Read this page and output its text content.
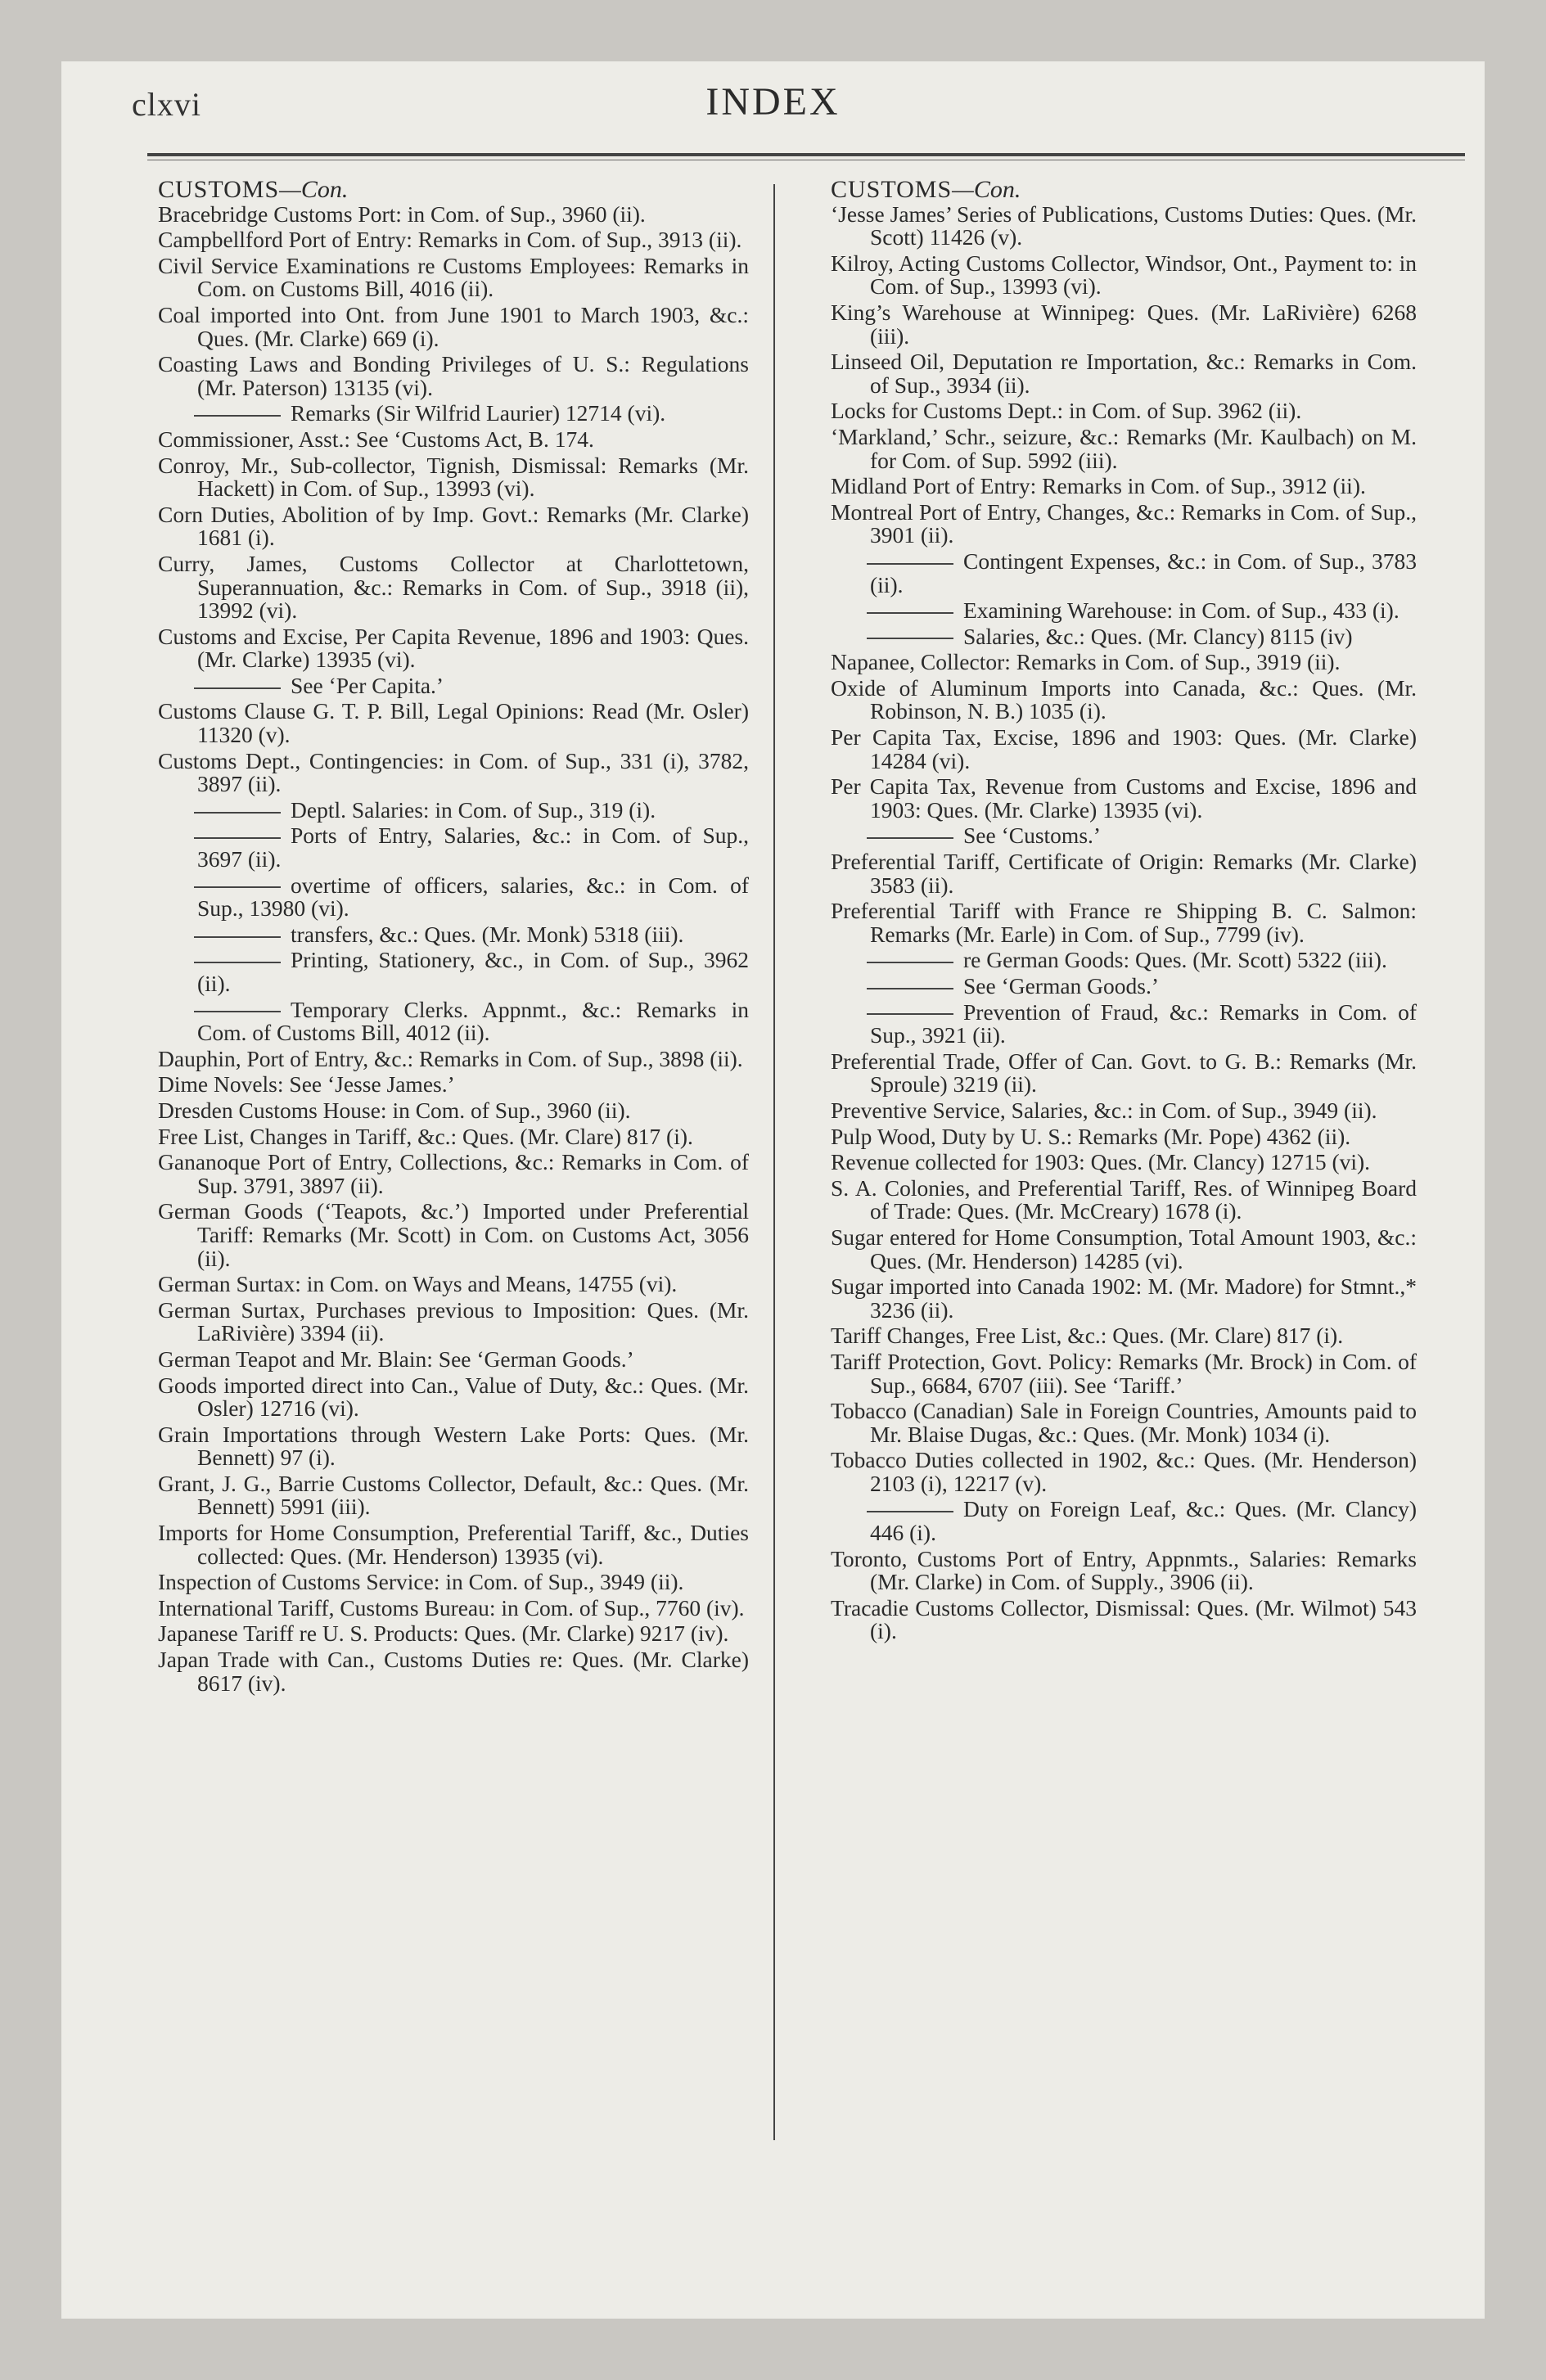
clxvi	INDEX
CUSTOMS—Con.
Bracebridge Customs Port: in Com. of Sup., 3960 (ii).
Campbellford Port of Entry: Remarks in Com. of Sup., 3913 (ii).
Civil Service Examinations re Customs Employees: Remarks in Com. on Customs Bill, 4016 (ii).
Coal imported into Ont. from June 1901 to March 1903, &c.: Ques. (Mr. Clarke) 669 (i).
Coasting Laws and Bonding Privileges of U. S.: Regulations (Mr. Paterson) 13135 (vi).
Remarks (Sir Wilfrid Laurier) 12714 (vi).
Commissioner, Asst.: See ‘Customs Act, B. 174.
Conroy, Mr., Sub-collector, Tignish, Dismissal: Remarks (Mr. Hackett) in Com. of Sup., 13993 (vi).
Corn Duties, Abolition of by Imp. Govt.: Remarks (Mr. Clarke) 1681 (i).
Curry, James, Customs Collector at Charlottetown, Superannuation, &c.: Remarks in Com. of Sup., 3918 (ii), 13992 (vi).
Customs and Excise, Per Capita Revenue, 1896 and 1903: Ques. (Mr. Clarke) 13935 (vi).
See ‘Per Capita.’
Customs Clause G. T. P. Bill, Legal Opinions: Read (Mr. Osler) 11320 (v).
Customs Dept., Contingencies: in Com. of Sup., 331 (i), 3782, 3897 (ii).
Deptl. Salaries: in Com. of Sup., 319 (i).
Ports of Entry, Salaries, &c.: in Com. of Sup., 3697 (ii).
overtime of officers, salaries, &c.: in Com. of Sup., 13980 (vi).
transfers, &c.: Ques. (Mr. Monk) 5318 (iii).
Printing, Stationery, &c., in Com. of Sup., 3962 (ii).
Temporary Clerks. Appnmt., &c.: Remarks in Com. of Customs Bill, 4012 (ii).
Dauphin, Port of Entry, &c.: Remarks in Com. of Sup., 3898 (ii).
Dime Novels: See ‘Jesse James.’
Dresden Customs House: in Com. of Sup., 3960 (ii).
Free List, Changes in Tariff, &c.: Ques. (Mr. Clare) 817 (i).
Gananoque Port of Entry, Collections, &c.: Remarks in Com. of Sup. 3791, 3897 (ii).
German Goods (‘Teapots, &c.’) Imported under Preferential Tariff: Remarks (Mr. Scott) in Com. on Customs Act, 3056 (ii).
German Surtax: in Com. on Ways and Means, 14755 (vi).
German Surtax, Purchases previous to Imposition: Ques. (Mr. LaRivière) 3394 (ii).
German Teapot and Mr. Blain: See ‘German Goods.’
Goods imported direct into Can., Value of Duty, &c.: Ques. (Mr. Osler) 12716 (vi).
Grain Importations through Western Lake Ports: Ques. (Mr. Bennett) 97 (i).
Grant, J. G., Barrie Customs Collector, Default, &c.: Ques. (Mr. Bennett) 5991 (iii).
Imports for Home Consumption, Preferential Tariff, &c., Duties collected: Ques. (Mr. Henderson) 13935 (vi).
Inspection of Customs Service: in Com. of Sup., 3949 (ii).
International Tariff, Customs Bureau: in Com. of Sup., 7760 (iv).
Japanese Tariff re U. S. Products: Ques. (Mr. Clarke) 9217 (iv).
Japan Trade with Can., Customs Duties re: Ques. (Mr. Clarke) 8617 (iv).
CUSTOMS—Con.
‘Jesse James’ Series of Publications, Customs Duties: Ques. (Mr. Scott) 11426 (v).
Kilroy, Acting Customs Collector, Windsor, Ont., Payment to: in Com. of Sup., 13993 (vi).
King’s Warehouse at Winnipeg: Ques. (Mr. LaRivière) 6268 (iii).
Linseed Oil, Deputation re Importation, &c.: Remarks in Com. of Sup., 3934 (ii).
Locks for Customs Dept.: in Com. of Sup. 3962 (ii).
‘Markland,’ Schr., seizure, &c.: Remarks (Mr. Kaulbach) on M. for Com. of Sup. 5992 (iii).
Midland Port of Entry: Remarks in Com. of Sup., 3912 (ii).
Montreal Port of Entry, Changes, &c.: Remarks in Com. of Sup., 3901 (ii).
Contingent Expenses, &c.: in Com. of Sup., 3783 (ii).
Examining Warehouse: in Com. of Sup., 433 (i).
Salaries, &c.: Ques. (Mr. Clancy) 8115 (iv)
Napanee, Collector: Remarks in Com. of Sup., 3919 (ii).
Oxide of Aluminum Imports into Canada, &c.: Ques. (Mr. Robinson, N. B.) 1035 (i).
Per Capita Tax, Excise, 1896 and 1903: Ques. (Mr. Clarke) 14284 (vi).
Per Capita Tax, Revenue from Customs and Excise, 1896 and 1903: Ques. (Mr. Clarke) 13935 (vi).
See ‘Customs.’
Preferential Tariff, Certificate of Origin: Remarks (Mr. Clarke) 3583 (ii).
Preferential Tariff with France re Shipping B. C. Salmon: Remarks (Mr. Earle) in Com. of Sup., 7799 (iv).
re German Goods: Ques. (Mr. Scott) 5322 (iii).
See ‘German Goods.’
Prevention of Fraud, &c.: Remarks in Com. of Sup., 3921 (ii).
Preferential Trade, Offer of Can. Govt. to G. B.: Remarks (Mr. Sproule) 3219 (ii).
Preventive Service, Salaries, &c.: in Com. of Sup., 3949 (ii).
Pulp Wood, Duty by U. S.: Remarks (Mr. Pope) 4362 (ii).
Revenue collected for 1903: Ques. (Mr. Clancy) 12715 (vi).
S. A. Colonies, and Preferential Tariff, Res. of Winnipeg Board of Trade: Ques. (Mr. McCreary) 1678 (i).
Sugar entered for Home Consumption, Total Amount 1903, &c.: Ques. (Mr. Henderson) 14285 (vi).
Sugar imported into Canada 1902: M. (Mr. Madore) for Stmnt.,* 3236 (ii).
Tariff Changes, Free List, &c.: Ques. (Mr. Clare) 817 (i).
Tariff Protection, Govt. Policy: Remarks (Mr. Brock) in Com. of Sup., 6684, 6707 (iii). See ‘Tariff.’
Tobacco (Canadian) Sale in Foreign Countries, Amounts paid to Mr. Blaise Dugas, &c.: Ques. (Mr. Monk) 1034 (i).
Tobacco Duties collected in 1902, &c.: Ques. (Mr. Henderson) 2103 (i), 12217 (v).
Duty on Foreign Leaf, &c.: Ques. (Mr. Clancy) 446 (i).
Toronto, Customs Port of Entry, Appnmts., Salaries: Remarks (Mr. Clarke) in Com. of Supply., 3906 (ii).
Tracadie Customs Collector, Dismissal: Ques. (Mr. Wilmot) 543 (i).
